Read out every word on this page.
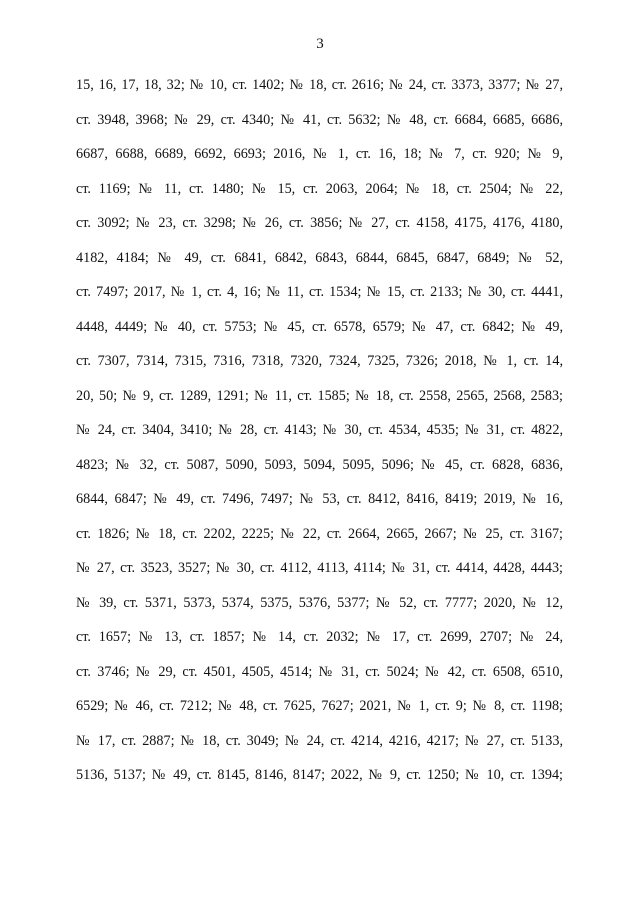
3
15, 16, 17, 18, 32; № 10, ст. 1402; № 18, ст. 2616; № 24, ст. 3373, 3377; № 27,
ст. 3948, 3968; № 29, ст. 4340; № 41, ст. 5632; № 48, ст. 6684, 6685, 6686,
6687, 6688, 6689, 6692, 6693; 2016, № 1, ст. 16, 18; № 7, ст. 920; № 9,
ст. 1169; № 11, ст. 1480; № 15, ст. 2063, 2064; № 18, ст. 2504; № 22,
ст. 3092; № 23, ст. 3298; № 26, ст. 3856; № 27, ст. 4158, 4175, 4176, 4180,
4182, 4184; № 49, ст. 6841, 6842, 6843, 6844, 6845, 6847, 6849; № 52,
ст. 7497; 2017, № 1, ст. 4, 16; № 11, ст. 1534; № 15, ст. 2133; № 30, ст. 4441,
4448, 4449; № 40, ст. 5753; № 45, ст. 6578, 6579; № 47, ст. 6842; № 49,
ст. 7307, 7314, 7315, 7316, 7318, 7320, 7324, 7325, 7326; 2018, № 1, ст. 14,
20, 50; № 9, ст. 1289, 1291; № 11, ст. 1585; № 18, ст. 2558, 2565, 2568, 2583;
№ 24, ст. 3404, 3410; № 28, ст. 4143; № 30, ст. 4534, 4535; № 31, ст. 4822,
4823; № 32, ст. 5087, 5090, 5093, 5094, 5095, 5096; № 45, ст. 6828, 6836,
6844, 6847; № 49, ст. 7496, 7497; № 53, ст. 8412, 8416, 8419; 2019, № 16,
ст. 1826; № 18, ст. 2202, 2225; № 22, ст. 2664, 2665, 2667; № 25, ст. 3167;
№ 27, ст. 3523, 3527; № 30, ст. 4112, 4113, 4114; № 31, ст. 4414, 4428, 4443;
№ 39, ст. 5371, 5373, 5374, 5375, 5376, 5377; № 52, ст. 7777; 2020, № 12,
ст. 1657; № 13, ст. 1857; № 14, ст. 2032; № 17, ст. 2699, 2707; № 24,
ст. 3746; № 29, ст. 4501, 4505, 4514; № 31, ст. 5024; № 42, ст. 6508, 6510,
6529; № 46, ст. 7212; № 48, ст. 7625, 7627; 2021, № 1, ст. 9; № 8, ст. 1198;
№ 17, ст. 2887; № 18, ст. 3049; № 24, ст. 4214, 4216, 4217; № 27, ст. 5133,
5136, 5137; № 49, ст. 8145, 8146, 8147; 2022, № 9, ст. 1250; № 10, ст. 1394;
